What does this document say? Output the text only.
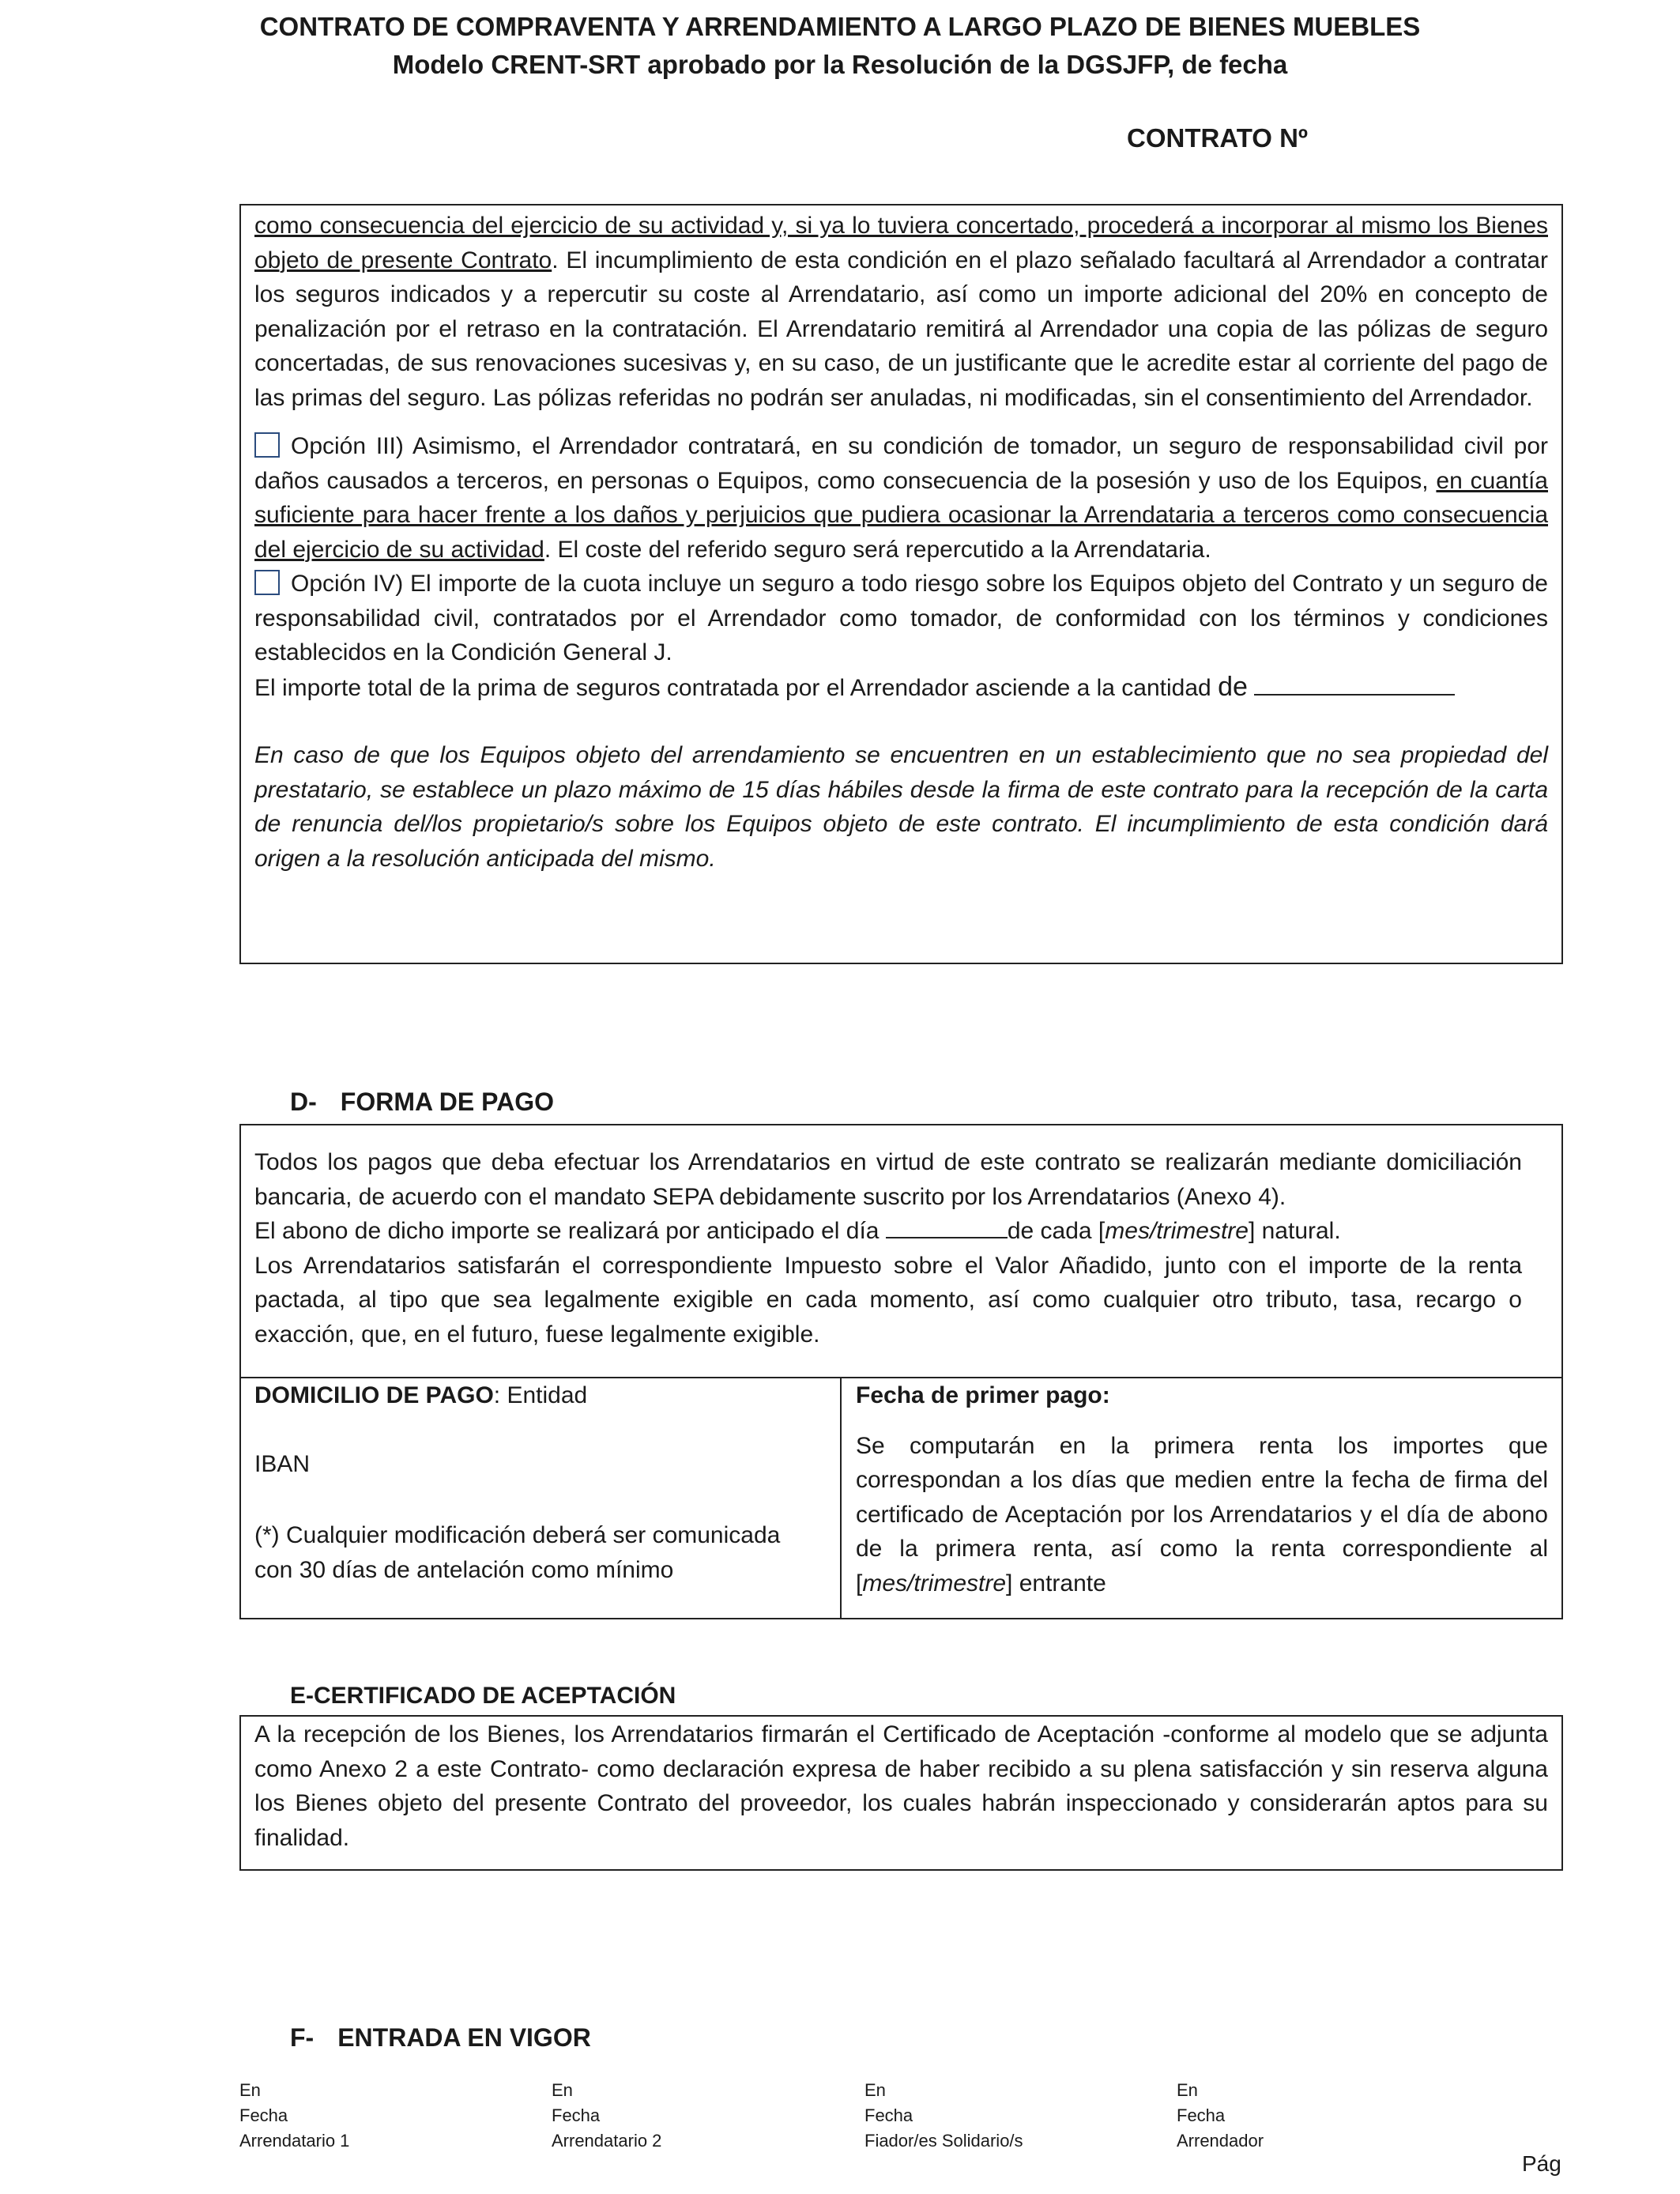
CONTRATO DE COMPRAVENTA Y ARRENDAMIENTO A LARGO PLAZO DE BIENES MUEBLES
Modelo CRENT-SRT aprobado por la Resolución de la DGSJFP, de fecha
CONTRATO Nº

como consecuencia del ejercicio de su actividad y, si ya lo tuviera concertado, procederá a incorporar al mismo los Bienes objeto de presente Contrato. El incumplimiento de esta condición en el plazo señalado facultará al Arrendador a contratar los seguros indicados y a repercutir su coste al Arrendatario, así como un importe adicional del 20% en concepto de penalización por el retraso en la contratación. El Arrendatario remitirá al Arrendador una copia de las pólizas de seguro concertadas, de sus renovaciones sucesivas y, en su caso, de un justificante que le acredite estar al corriente del pago de las primas del seguro. Las pólizas referidas no podrán ser anuladas, ni modificadas, sin el consentimiento del Arrendador.

Opción III) Asimismo, el Arrendador contratará, en su condición de tomador, un seguro de responsabilidad civil por daños causados a terceros, en personas o Equipos, como consecuencia de la posesión y uso de los Equipos, en cuantía suficiente para hacer frente a los daños y perjuicios que pudiera ocasionar la Arrendataria a terceros como consecuencia del ejercicio de su actividad. El coste del referido seguro será repercutido a la Arrendataria.

Opción IV) El importe de la cuota incluye un seguro a todo riesgo sobre los Equipos objeto del Contrato y un seguro de responsabilidad civil, contratados por el Arrendador como tomador, de conformidad con los términos y condiciones establecidos en la Condición General J.

El importe total de la prima de seguros contratada por el Arrendador asciende a la cantidad de

En caso de que los Equipos objeto del arrendamiento se encuentren en un establecimiento que no sea propiedad del prestatario, se establece un plazo máximo de 15 días hábiles desde la firma de este contrato para la recepción de la carta de renuncia del/los propietario/s sobre los Equipos objeto de este contrato. El incumplimiento de esta condición dará origen a la resolución anticipada del mismo.

D- FORMA DE PAGO

Todos los pagos que deba efectuar los Arrendatarios en virtud de este contrato se realizarán mediante domiciliación bancaria, de acuerdo con el mandato SEPA debidamente suscrito por los Arrendatarios (Anexo 4).

El abono de dicho importe se realizará por anticipado el día	de cada [mes/trimestre] natural.

Los Arrendatarios satisfarán el correspondiente Impuesto sobre el Valor Añadido, junto con el importe de la renta pactada, al tipo que sea legalmente exigible en cada momento, así como cualquier otro tributo, tasa, recargo o exacción, que, en el futuro, fuese legalmente exigible.

DOMICILIO DE PAGO: Entidad

IBAN

(*) Cualquier modificación deberá ser comunicada con 30 días de antelación como mínimo

Fecha de primer pago:

Se computarán en la primera renta los importes que correspondan a los días que medien entre la fecha de firma del certificado de Aceptación por los Arrendatarios y el día de abono de la primera renta, así como la renta correspondiente al [mes/trimestre] entrante

E-CERTIFICADO DE ACEPTACIÓN
A la recepción de los Bienes, los Arrendatarios firmarán el Certificado de Aceptación -conforme al modelo que se adjunta como Anexo 2 a este Contrato- como declaración expresa de haber recibido a su plena satisfacción y sin reserva alguna los Bienes objeto del presente Contrato del proveedor, los cuales habrán inspeccionado y considerarán aptos para su finalidad.
F- ENTRADA EN VIGOR
En
Fecha
Arrendatario 1
En
Fecha
Arrendatario 2
En
Fecha
Fiador/es Solidario/s
En
Fecha
Arrendador
Pág
